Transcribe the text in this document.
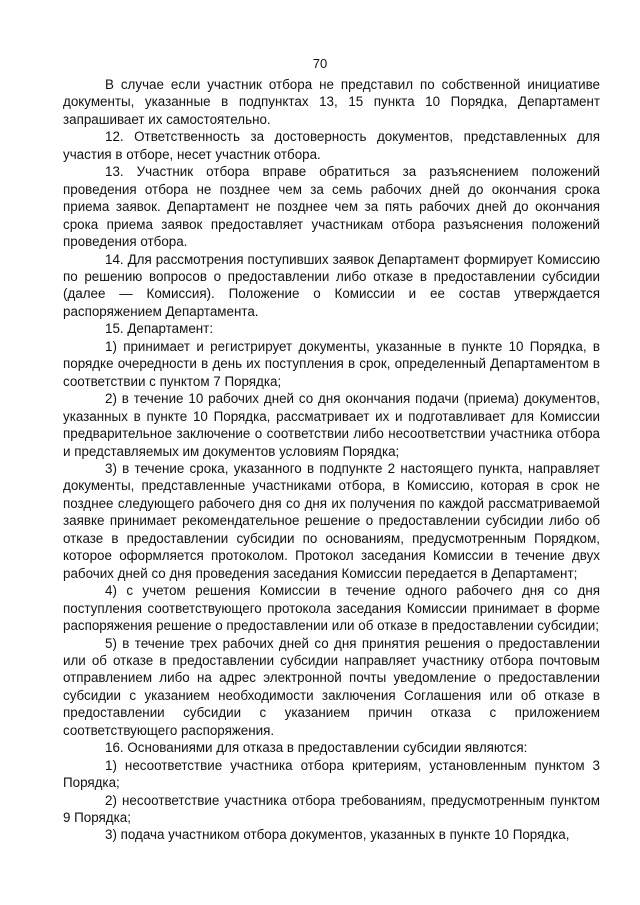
70

В случае если участник отбора не представил по собственной инициативе документы, указанные в подпунктах 13, 15 пункта 10 Порядка, Департамент запрашивает их самостоятельно.

12. Ответственность за достоверность документов, представленных для участия в отборе, несет участник отбора.

13. Участник отбора вправе обратиться за разъяснением положений проведения отбора не позднее чем за семь рабочих дней до окончания срока приема заявок. Департамент не позднее чем за пять рабочих дней до окончания срока приема заявок предоставляет участникам отбора разъяснения положений проведения отбора.

14. Для рассмотрения поступивших заявок Департамент формирует Комиссию по решению вопросов о предоставлении либо отказе в предоставлении субсидии (далее — Комиссия). Положение о Комиссии и ее состав утверждается распоряжением Департамента.

15. Департамент:

1) принимает и регистрирует документы, указанные в пункте 10 Порядка, в порядке очередности в день их поступления в срок, определенный Департаментом в соответствии с пунктом 7 Порядка;

2) в течение 10 рабочих дней со дня окончания подачи (приема) документов, указанных в пункте 10 Порядка, рассматривает их и подготавливает для Комиссии предварительное заключение о соответствии либо несоответствии участника отбора и представляемых им документов условиям Порядка;

3) в течение срока, указанного в подпункте 2 настоящего пункта, направляет документы, представленные участниками отбора, в Комиссию, которая в срок не позднее следующего рабочего дня со дня их получения по каждой рассматриваемой заявке принимает рекомендательное решение о предоставлении субсидии либо об отказе в предоставлении субсидии по основаниям, предусмотренным Порядком, которое оформляется протоколом. Протокол заседания Комиссии в течение двух рабочих дней со дня проведения заседания Комиссии передается в Департамент;

4) с учетом решения Комиссии в течение одного рабочего дня со дня поступления соответствующего протокола заседания Комиссии принимает в форме распоряжения решение о предоставлении или об отказе в предоставлении субсидии;

5) в течение трех рабочих дней со дня принятия решения о предоставлении или об отказе в предоставлении субсидии направляет участнику отбора почтовым отправлением либо на адрес электронной почты уведомление о предоставлении субсидии с указанием необходимости заключения Соглашения или об отказе в предоставлении субсидии с указанием причин отказа с приложением соответствующего распоряжения.

16. Основаниями для отказа в предоставлении субсидии являются:

1) несоответствие участника отбора критериям, установленным пунктом 3 Порядка;

2) несоответствие участника отбора требованиям, предусмотренным пунктом 9 Порядка;

3) подача участником отбора документов, указанных в пункте 10 Порядка,
